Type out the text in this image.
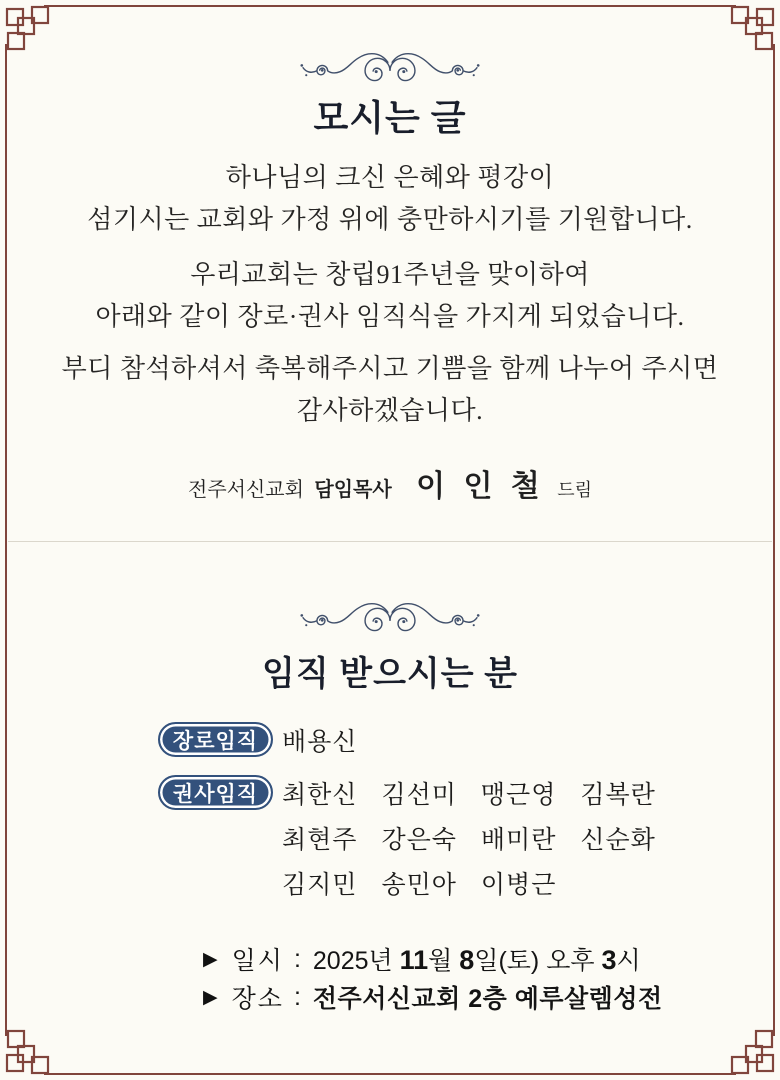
모시는 글
하나님의 크신 은혜와 평강이
섬기시는 교회와 가정 위에 충만하시기를 기원합니다.
우리교회는 창립91주년을 맞이하여
아래와 같이 장로·권사 임직식을 가지게 되었습니다.
부디 참석하셔서 축복해주시고 기쁨을 함께 나누어 주시면
감사하겠습니다.
전주서신교회 담임목사 이 인 철 드림
임직 받으시는 분
장로임직 배용신
권사임직 최한신 김선미 맹근영 김복란
최현주 강은숙 배미란 신순화
김지민 송민아 이병근
▶ 일시 : 2025년 11월 8일(토) 오후 3시
▶ 장소 : 전주서신교회 2층 예루살렘성전
